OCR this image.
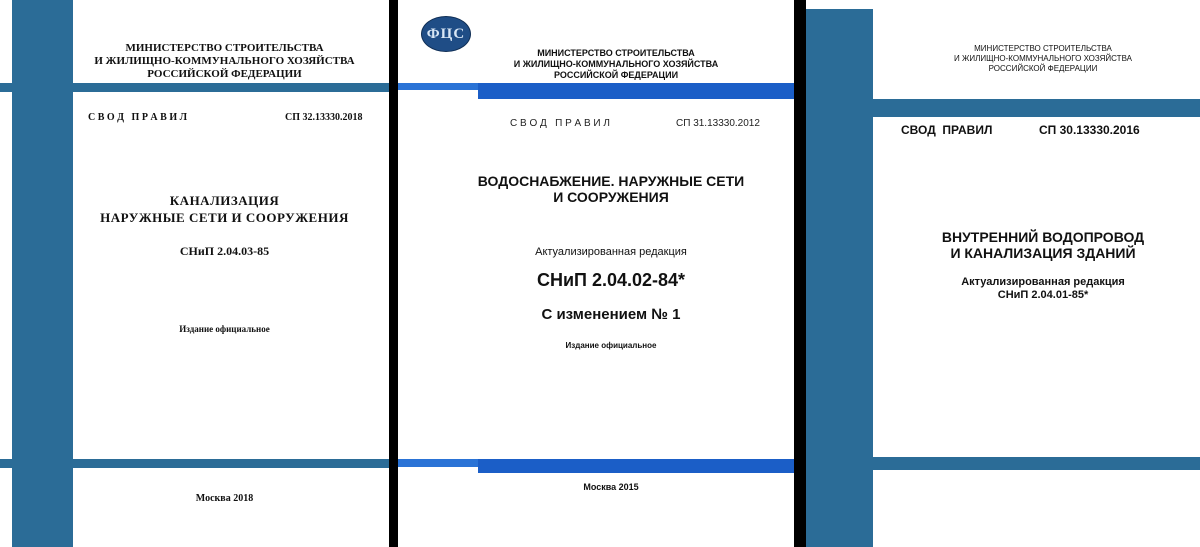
МИНИСТЕРСТВО СТРОИТЕЛЬСТВА
И ЖИЛИЩНО-КОММУНАЛЬНОГО ХОЗЯЙСТВА
РОССИЙСКОЙ ФЕДЕРАЦИИ
С В О Д   П Р А В И Л	СП 32.13330.2018
КАНАЛИЗАЦИЯ
НАРУЖНЫЕ СЕТИ И СООРУЖЕНИЯ
СНиП 2.04.03-85
Издание официальное
Москва 2018
ФЦС
МИНИСТЕРСТВО СТРОИТЕЛЬСТВА
И ЖИЛИЩНО-КОММУНАЛЬНОГО ХОЗЯЙСТВА
РОССИЙСКОЙ ФЕДЕРАЦИИ
С В О Д   П Р А В И Л	СП 31.13330.2012
ВОДОСНАБЖЕНИЕ. НАРУЖНЫЕ СЕТИ
И СООРУЖЕНИЯ
Актуализированная редакция
СНиП 2.04.02-84*
С изменением № 1
Издание официальное
Москва 2015
МИНИСТЕРСТВО СТРОИТЕЛЬСТВА
И ЖИЛИЩНО-КОММУНАЛЬНОГО ХОЗЯЙСТВА
РОССИЙСКОЙ ФЕДЕРАЦИИ
СВОД  ПРАВИЛ	СП 30.13330.2016
ВНУТРЕННИЙ ВОДОПРОВОД
И КАНАЛИЗАЦИЯ ЗДАНИЙ
Актуализированная редакция
СНиП 2.04.01-85*
